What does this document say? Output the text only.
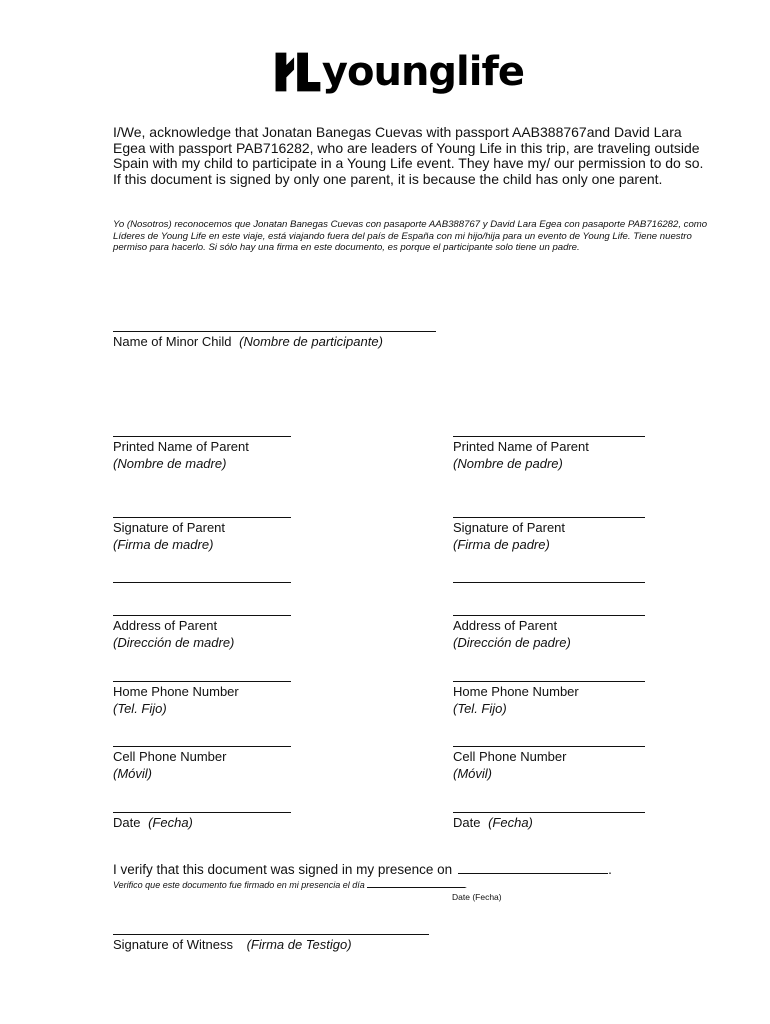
younglife

I/We, acknowledge that Jonatan Banegas Cuevas with passport AAB388767and David Lara Egea with passport PAB716282, who are leaders of Young Life in this trip, are traveling outside Spain with my child to participate in a Young Life event. They have my/ our permission to do so. If this document is signed by only one parent, it is because the child has only one parent.

Yo (Nosotros) reconocemos que Jonatan Banegas Cuevas con pasaporte AAB388767 y David Lara Egea con pasaporte PAB716282, como Líderes de Young Life en este viaje, está viajando fuera del país de España con mi hijo/hija para un evento de Young Life. Tiene nuestro permiso para hacerlo. Si sólo hay una firma en este documento, es porque el participante solo tiene un padre.

Name of Minor Child (Nombre de participante)
Printed Name of Parent
(Nombre de madre)
Signature of Parent
(Firma de madre)
Address of Parent
(Dirección de madre)
Home Phone Number
(Tel. Fijo)
Cell Phone Number
(Móvil)
Date (Fecha)
Printed Name of Parent
(Nombre de padre)
Signature of Parent
(Firma de padre)
Address of Parent
(Dirección de padre)
Home Phone Number
(Tel. Fijo)
Cell Phone Number
(Móvil)
Date (Fecha)
I verify that this document was signed in my presence on	.
Verifico que este documento fue firmado en mi presencia el día	.
Date (Fecha)
Signature of Witness (Firma de Testigo)
